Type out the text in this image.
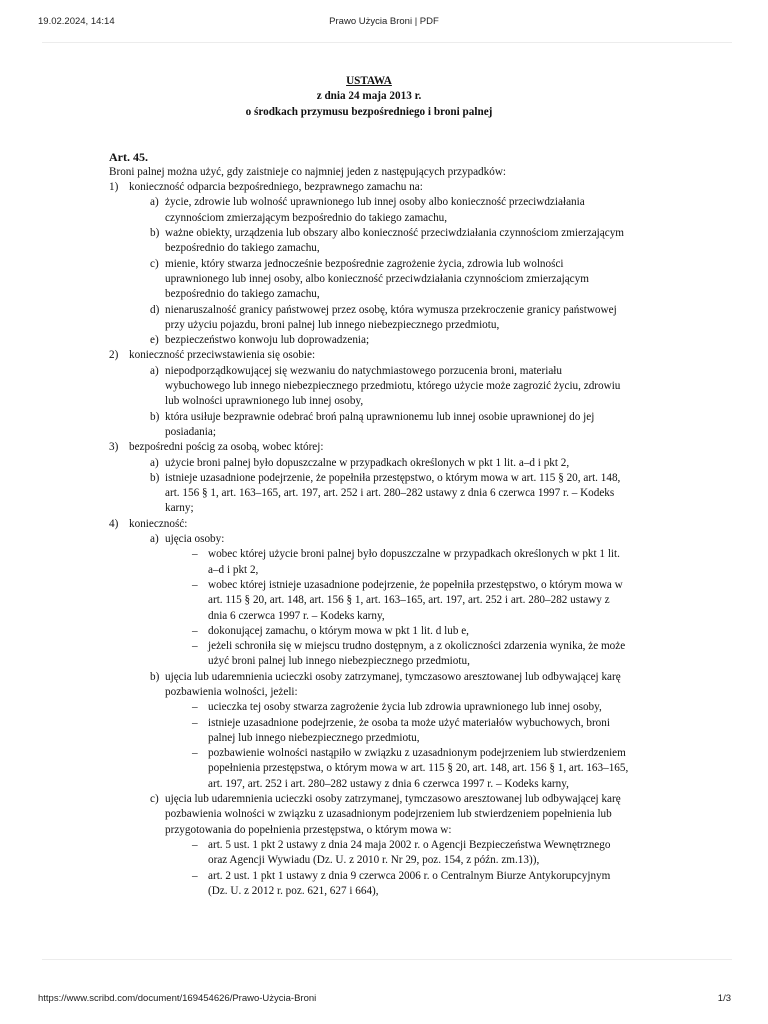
19.02.2024, 14:14	Prawo Użycia Broni | PDF
USTAWA
z dnia 24 maja 2013 r.
o środkach przymusu bezpośredniego i broni palnej
Art. 45.
Broni palnej można użyć, gdy zaistnieje co najmniej jeden z następujących przypadków:
1) konieczność odparcia bezpośredniego, bezprawnego zamachu na:
a) życie, zdrowie lub wolność uprawnionego lub innej osoby albo konieczność przeciwdziałania czynnościom zmierzającym bezpośrednio do takiego zamachu,
b) ważne obiekty, urządzenia lub obszary albo konieczność przeciwdziałania czynnościom zmierzającym bezpośrednio do takiego zamachu,
c) mienie, który stwarza jednocześnie bezpośrednie zagrożenie życia, zdrowia lub wolności uprawnionego lub innej osoby, albo konieczność przeciwdziałania czynnościom zmierzającym bezpośrednio do takiego zamachu,
d) nienaruszalność granicy państwowej przez osobę, która wymusza przekroczenie granicy państwowej przy użyciu pojazdu, broni palnej lub innego niebezpiecznego przedmiotu,
e) bezpieczeństwo konwoju lub doprowadzenia;
2) konieczność przeciwstawienia się osobie:
a) niepodporządkowującej się wezwaniu do natychmiastowego porzucenia broni, materiału wybuchowego lub innego niebezpiecznego przedmiotu, którego użycie może zagrozić życiu, zdrowiu lub wolności uprawnionego lub innej osoby,
b) która usiłuje bezprawnie odebrać broń palną uprawnionemu lub innej osobie uprawnionej do jej posiadania;
3) bezpośredni pościg za osobą, wobec której:
a) użycie broni palnej było dopuszczalne w przypadkach określonych w pkt 1 lit. a–d i pkt 2,
b) istnieje uzasadnione podejrzenie, że popełniła przestępstwo, o którym mowa w art. 115 § 20, art. 148, art. 156 § 1, art. 163–165, art. 197, art. 252 i art. 280–282 ustawy z dnia 6 czerwca 1997 r. – Kodeks karny;
4) konieczność:
a) ujęcia osoby:
– wobec której użycie broni palnej było dopuszczalne w przypadkach określonych w pkt 1 lit. a–d i pkt 2,
– wobec której istnieje uzasadnione podejrzenie, że popełniła przestępstwo, o którym mowa w art. 115 § 20, art. 148, art. 156 § 1, art. 163–165, art. 197, art. 252 i art. 280–282 ustawy z dnia 6 czerwca 1997 r. – Kodeks karny,
– dokonującej zamachu, o którym mowa w pkt 1 lit. d lub e,
– jeżeli schroniła się w miejscu trudno dostępnym, a z okoliczności zdarzenia wynika, że może użyć broni palnej lub innego niebezpiecznego przedmiotu,
b) ujęcia lub udaremnienia ucieczki osoby zatrzymanej, tymczasowo aresztowanej lub odbywającej karę pozbawienia wolności, jeżeli:
– ucieczka tej osoby stwarza zagrożenie życia lub zdrowia uprawnionego lub innej osoby,
– istnieje uzasadnione podejrzenie, że osoba ta może użyć materiałów wybuchowych, broni palnej lub innego niebezpiecznego przedmiotu,
– pozbawienie wolności nastąpiło w związku z uzasadnionym podejrzeniem lub stwierdzeniem popełnienia przestępstwa, o którym mowa w art. 115 § 20, art. 148, art. 156 § 1, art. 163–165, art. 197, art. 252 i art. 280–282 ustawy z dnia 6 czerwca 1997 r. – Kodeks karny,
c) ujęcia lub udaremnienia ucieczki osoby zatrzymanej, tymczasowo aresztowanej lub odbywającej karę pozbawienia wolności w związku z uzasadnionym podejrzeniem lub stwierdzeniem popełnienia lub przygotowania do popełnienia przestępstwa, o którym mowa w:
– art. 5 ust. 1 pkt 2 ustawy z dnia 24 maja 2002 r. o Agencji Bezpieczeństwa Wewnętrznego oraz Agencji Wywiadu (Dz. U. z 2010 r. Nr 29, poz. 154, z późn. zm.13)),
– art. 2 ust. 1 pkt 1 ustawy z dnia 9 czerwca 2006 r. o Centralnym Biurze Antykorupcyjnym (Dz. U. z 2012 r. poz. 621, 627 i 664),
https://www.scribd.com/document/169454626/Prawo-Użycia-Broni	1/3
